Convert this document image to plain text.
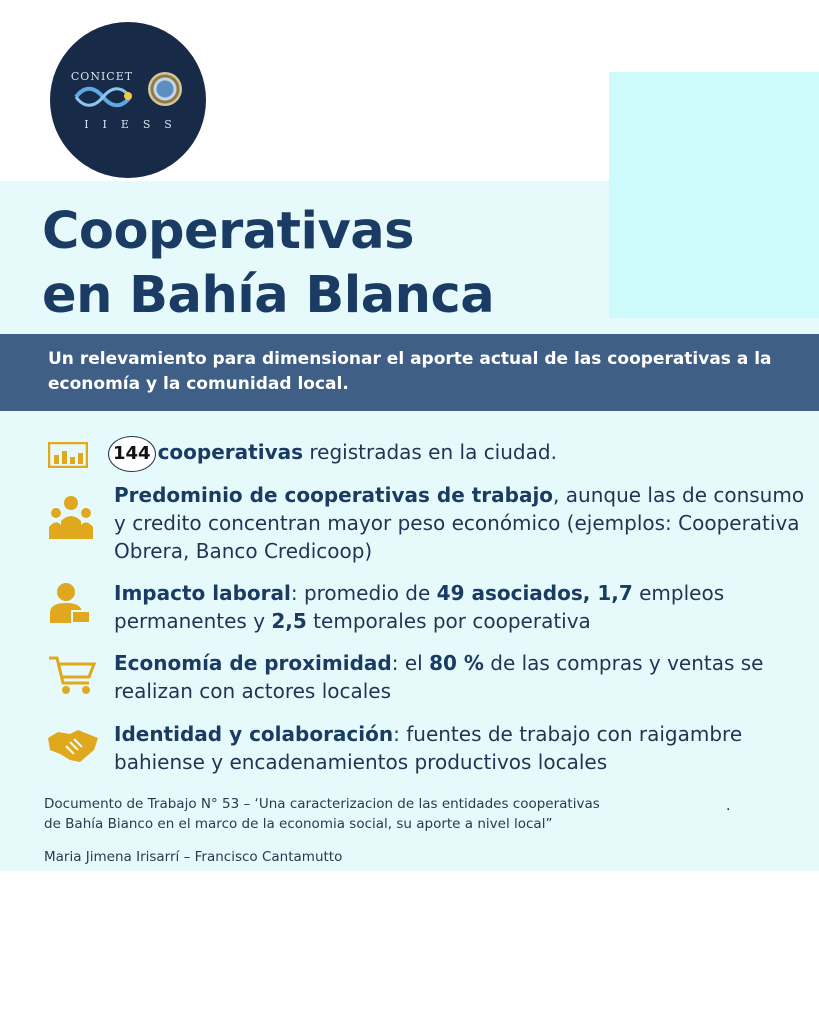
CONICET
IIESS
Cooperativas
en Bahía Blanca
Un relevamiento para dimensionar el aporte actual de las cooperativas a la economía y la comunidad local.
144 cooperativas registradas en la ciudad.
Predominio de cooperativas de trabajo, aunque las de consumo y credito concentran mayor peso económico (ejemplos: Cooperativa Obrera, Banco Credicoop)
Impacto laboral: promedio de 49 asociados, 1,7 empleos permanentes y 2,5 temporales por cooperativa
Economía de proximidad: el 80 % de las compras y ventas se realizan con actores locales
Identidad y colaboración: fuentes de trabajo con raigambre bahiense y encadenamientos productivos locales
Documento de Trabajo N° 53 – ‘Una caracterizacion de las entidades cooperativas
de Bahía Bianco en el marco de la economia social, su aporte a nivel local”
Maria Jimena Irisarrí – Francisco Cantamutto
.
